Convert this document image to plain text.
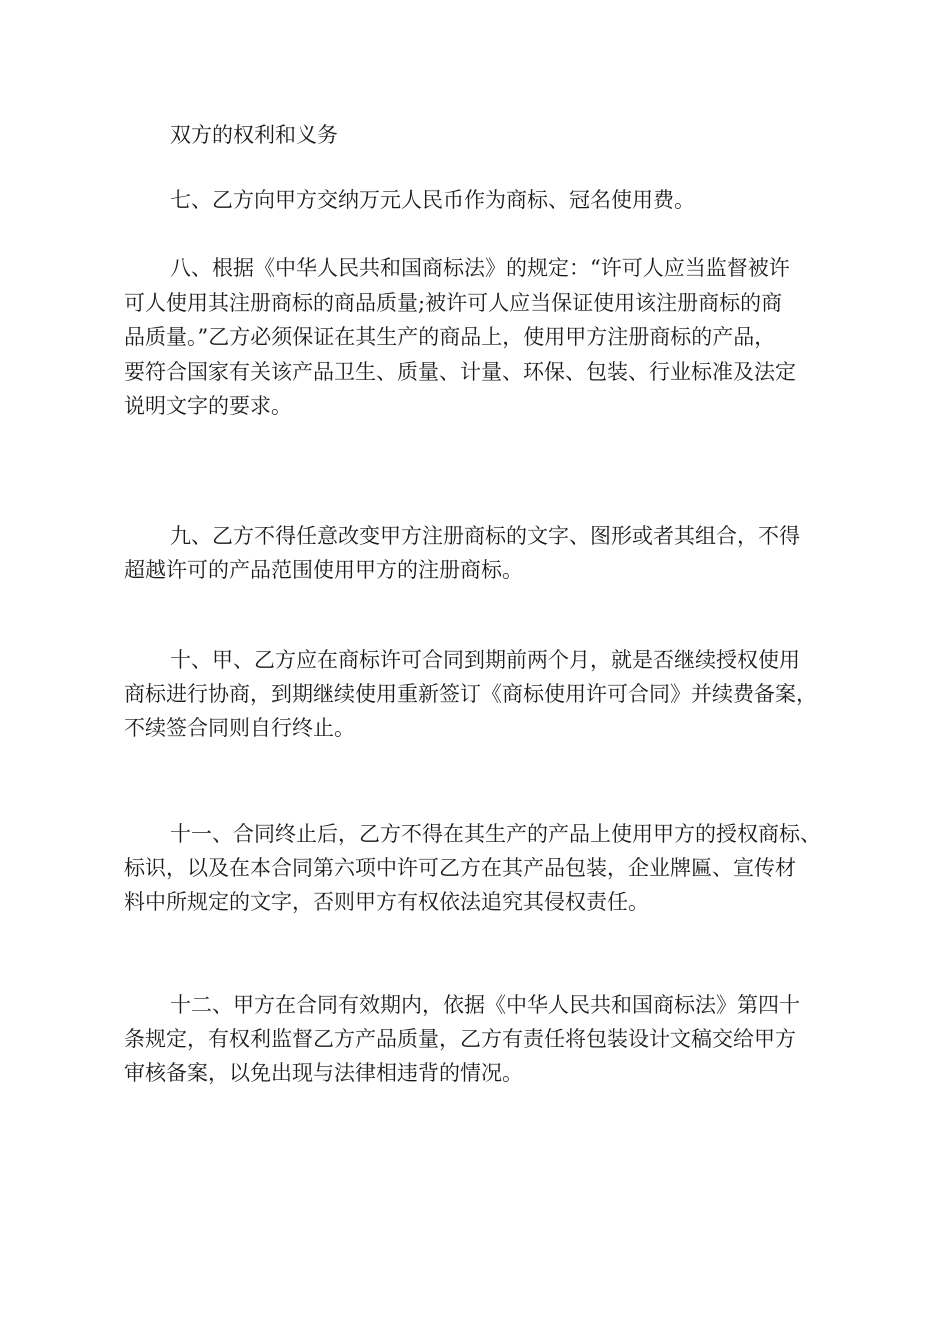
双方的权利和义务
七、乙方向甲方交纳万元人民币作为商标、冠名使用费。
八、根据《中华人民共和国商标法》的规定：“许可人应当监督被许
可人使用其注册商标的商品质量;被许可人应当保证使用该注册商标的商
品质量。”乙方必须保证在其生产的商品上，使用甲方注册商标的产品，
要符合国家有关该产品卫生、质量、计量、环保、包装、行业标准及法定
说明文字的要求。
九、乙方不得任意改变甲方注册商标的文字、图形或者其组合，不得
超越许可的产品范围使用甲方的注册商标。
十、甲、乙方应在商标许可合同到期前两个月，就是否继续授权使用
商标进行协商，到期继续使用重新签订《商标使用许可合同》并续费备案，
不续签合同则自行终止。
十一、合同终止后，乙方不得在其生产的产品上使用甲方的授权商标、
标识，以及在本合同第六项中许可乙方在其产品包装，企业牌匾、宣传材
料中所规定的文字，否则甲方有权依法追究其侵权责任。
十二、甲方在合同有效期内，依据《中华人民共和国商标法》第四十
条规定，有权利监督乙方产品质量，乙方有责任将包装设计文稿交给甲方
审核备案，以免出现与法律相违背的情况。
